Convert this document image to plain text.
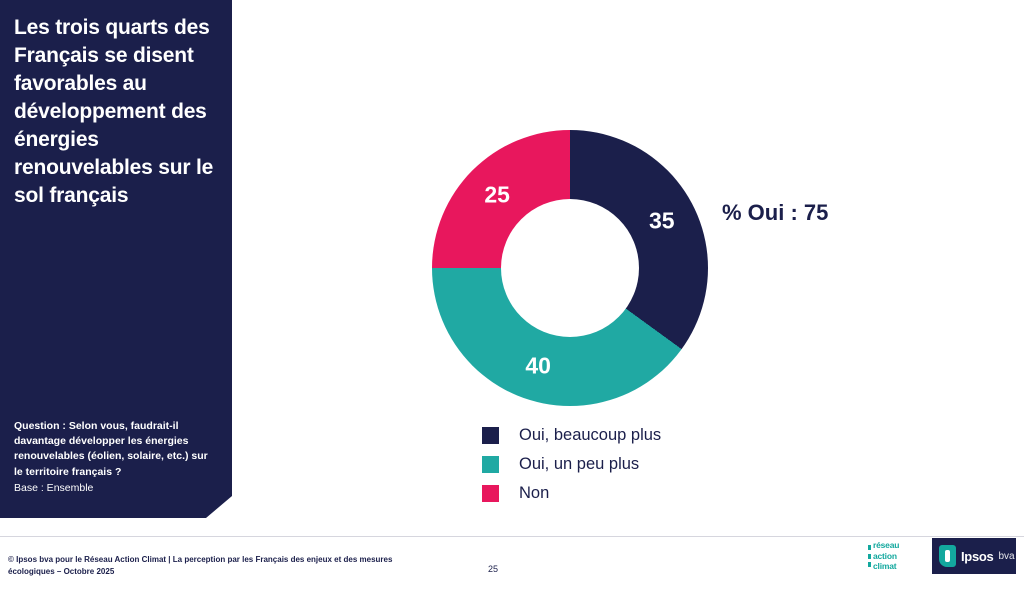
Les trois quarts des Français se disent favorables au développement des énergies renouvelables sur le sol français

Question : Selon vous, faudrait-il davantage développer les énergies renouvelables (éolien, solaire, etc.) sur le territoire français ?

Base : Ensemble

35
40
25
% Oui : 75
Oui, beaucoup plus
Oui, un peu plus
Non
© Ipsos bva pour le Réseau Action Climat | La perception par les Français des enjeux et des mesures écologiques – Octobre 2025	25
réseau
action
climat
Ipsos bva
